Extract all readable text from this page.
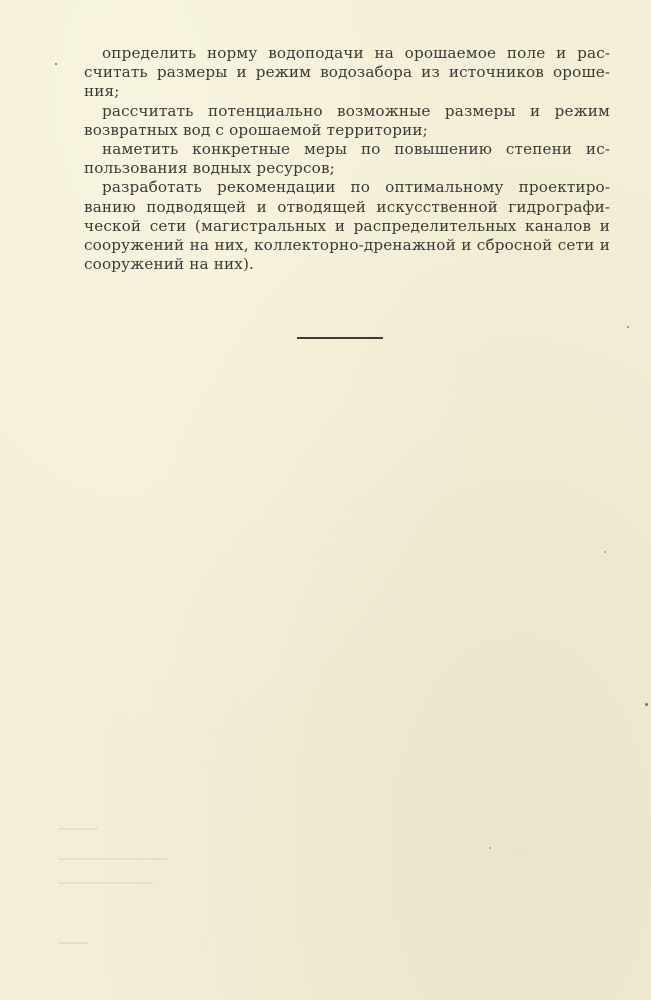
определить норму водоподачи на орошаемое поле и рассчитать размеры и режим водозабора из источников орошения;

рассчитать потенциально возможные размеры и режим возвратных вод с орошаемой территории;

наметить конкретные меры по повышению степени использования водных ресурсов;

разработать рекомендации по оптимальному проектированию подводящей и отводящей искусственной гидрографической сети (магистральных и распределительных каналов и сооружений на них, коллекторно-дренажной и сбросной сети и сооружений на них).
